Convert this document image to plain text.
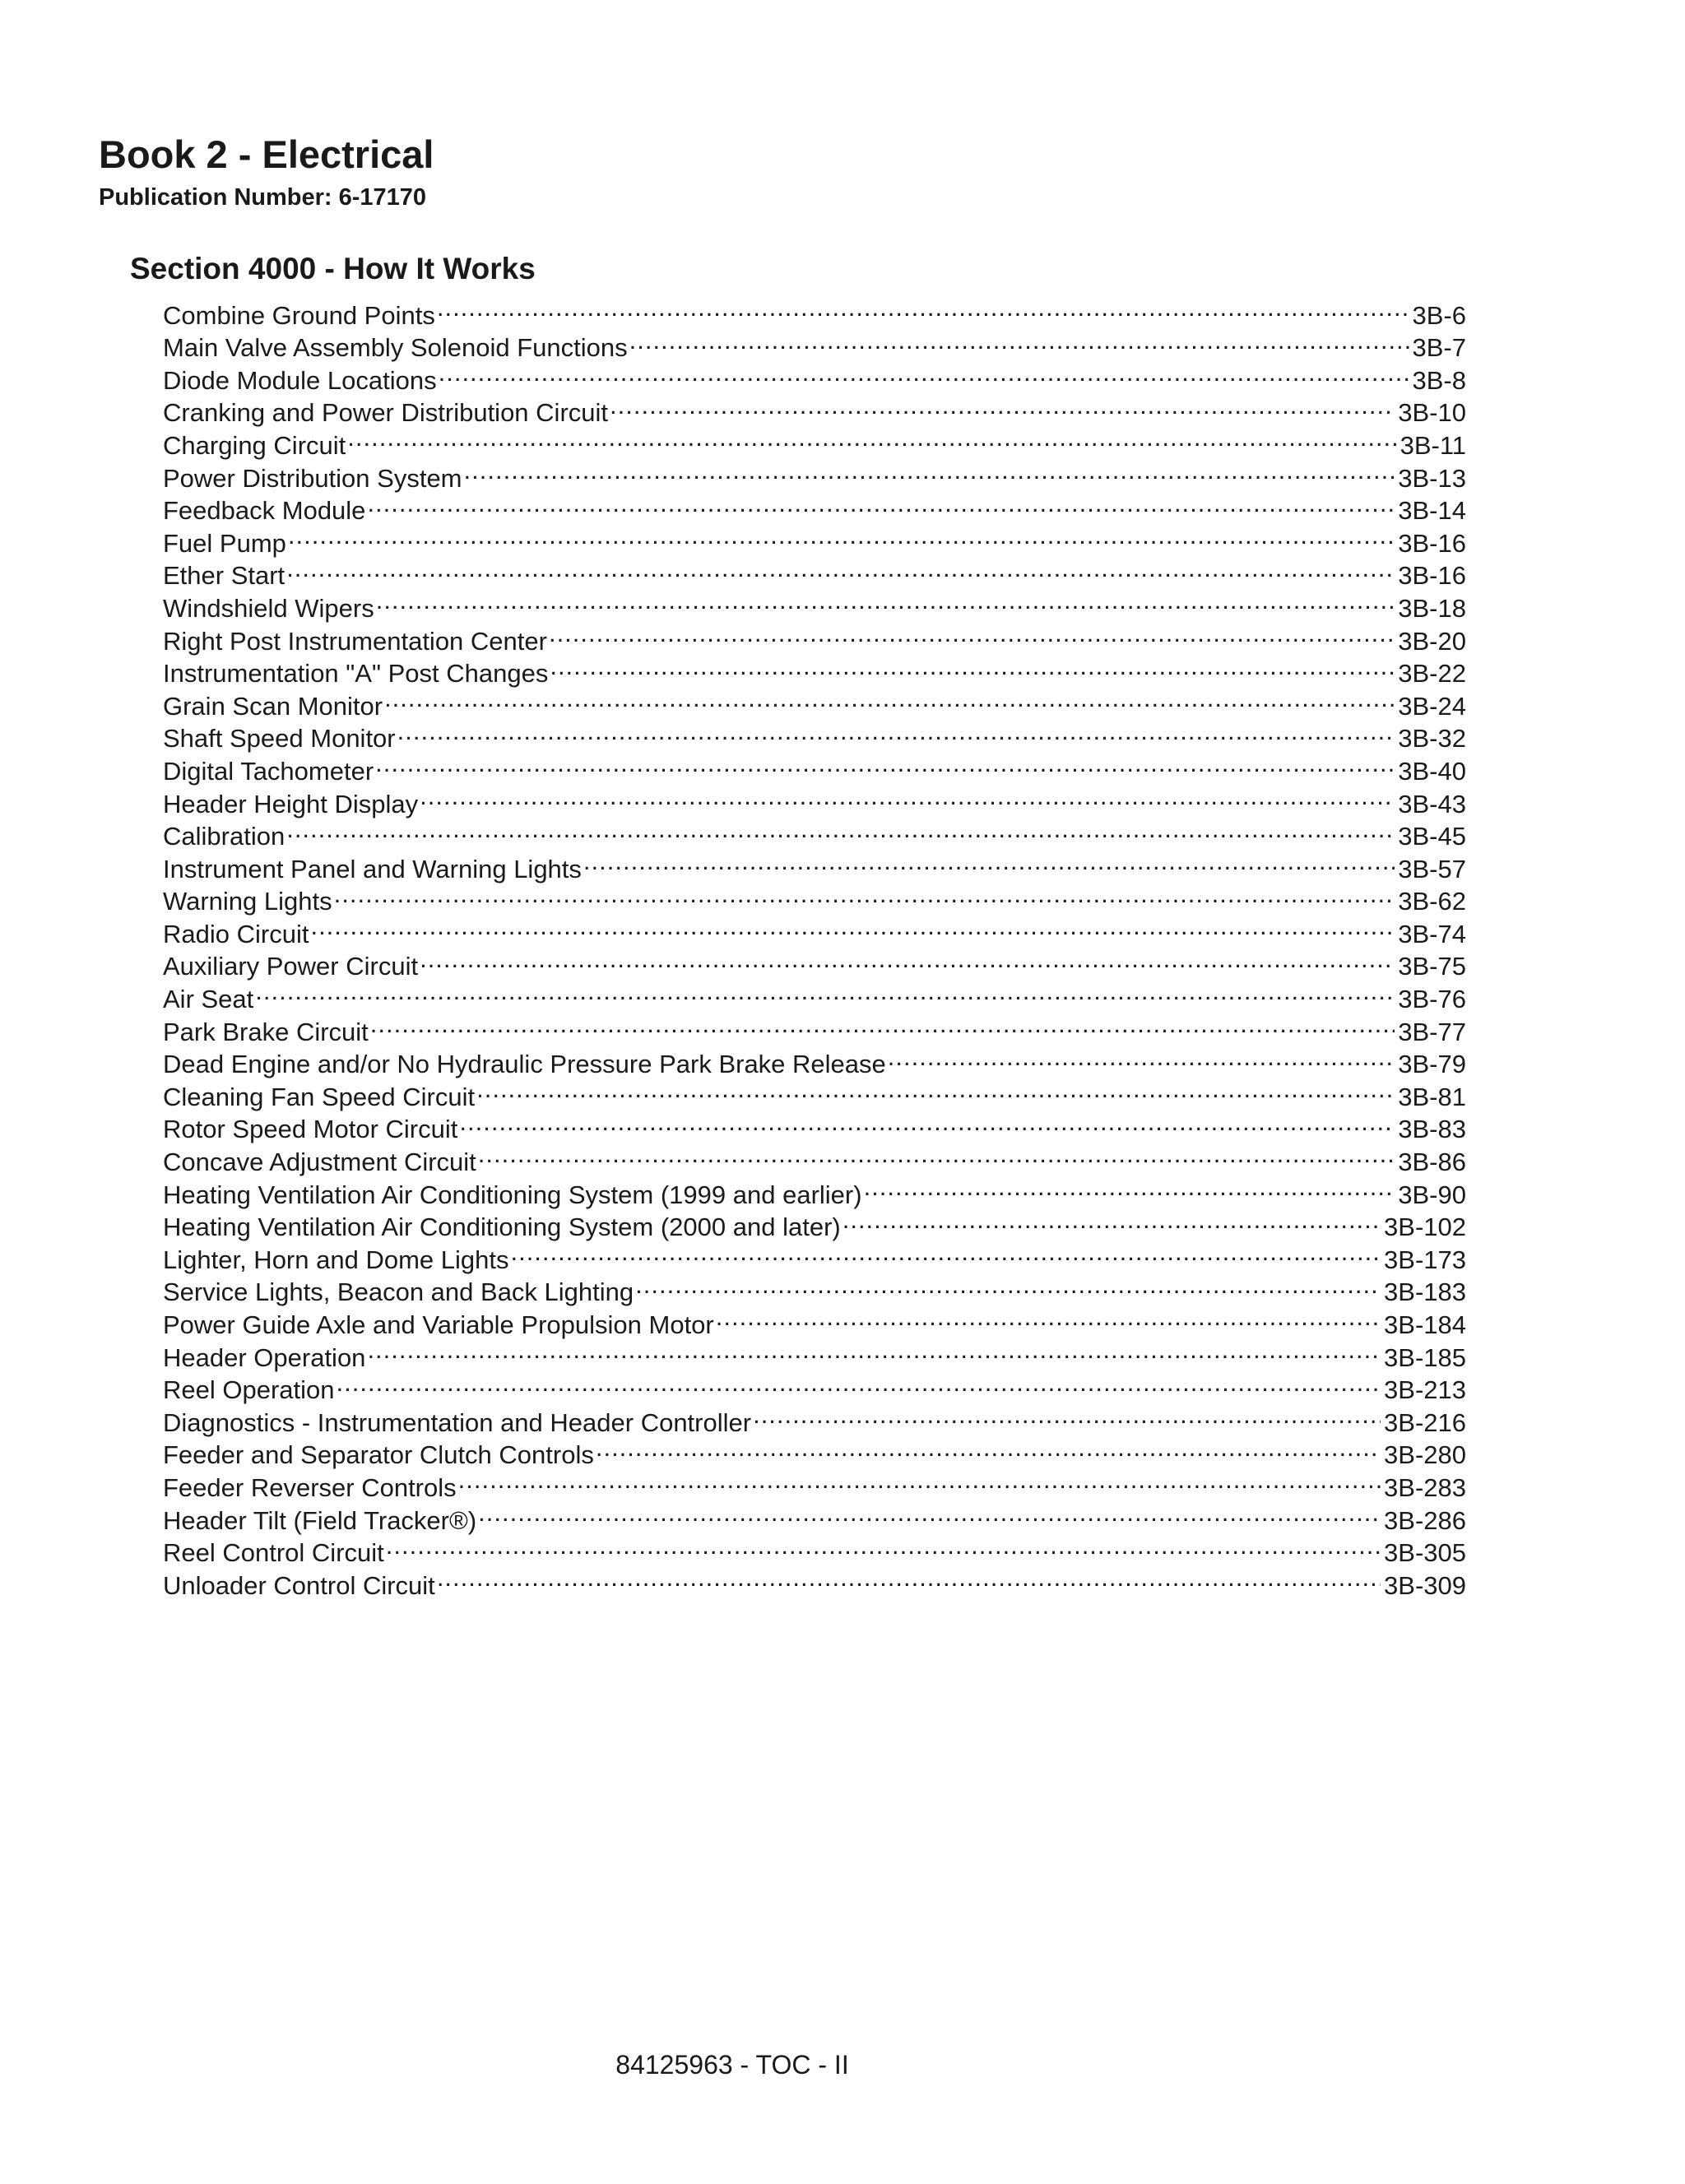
Book 2 - Electrical

Publication Number: 6-17170

Section 4000 - How It Works
Combine Ground Points .....	3B-6
Main Valve Assembly Solenoid Functions .....	3B-7
Diode Module Locations .....	3B-8
Cranking and Power Distribution Circuit .....	3B-10
Charging Circuit .....	3B-11
Power Distribution System .....	3B-13
Feedback Module .....	3B-14
Fuel Pump .....	3B-16
Ether Start .....	3B-16
Windshield Wipers .....	3B-18
Right Post Instrumentation Center .....	3B-20
Instrumentation "A" Post Changes .....	3B-22
Grain Scan Monitor .....	3B-24
Shaft Speed Monitor .....	3B-32
Digital Tachometer .....	3B-40
Header Height Display .....	3B-43
Calibration .....	3B-45
Instrument Panel and Warning Lights .....	3B-57
Warning Lights .....	3B-62
Radio Circuit .....	3B-74
Auxiliary Power Circuit .....	3B-75
Air Seat .....	3B-76
Park Brake Circuit .....	3B-77
Dead Engine and/or No Hydraulic Pressure Park Brake Release .....	3B-79
Cleaning Fan Speed Circuit .....	3B-81
Rotor Speed Motor Circuit .....	3B-83
Concave Adjustment Circuit .....	3B-86
Heating Ventilation Air Conditioning System (1999 and earlier) .....	3B-90
Heating Ventilation Air Conditioning System (2000 and later) .....	3B-102
Lighter, Horn and Dome Lights .....	3B-173
Service Lights, Beacon and Back Lighting .....	3B-183
Power Guide Axle and Variable Propulsion Motor .....	3B-184
Header Operation .....	3B-185
Reel Operation .....	3B-213
Diagnostics - Instrumentation and Header Controller .....	3B-216
Feeder and Separator Clutch Controls .....	3B-280
Feeder Reverser Controls .....	3B-283
Header Tilt (Field Tracker®) .....	3B-286
Reel Control Circuit .....	3B-305
Unloader Control Circuit .....	3B-309

84125963 - TOC - II
